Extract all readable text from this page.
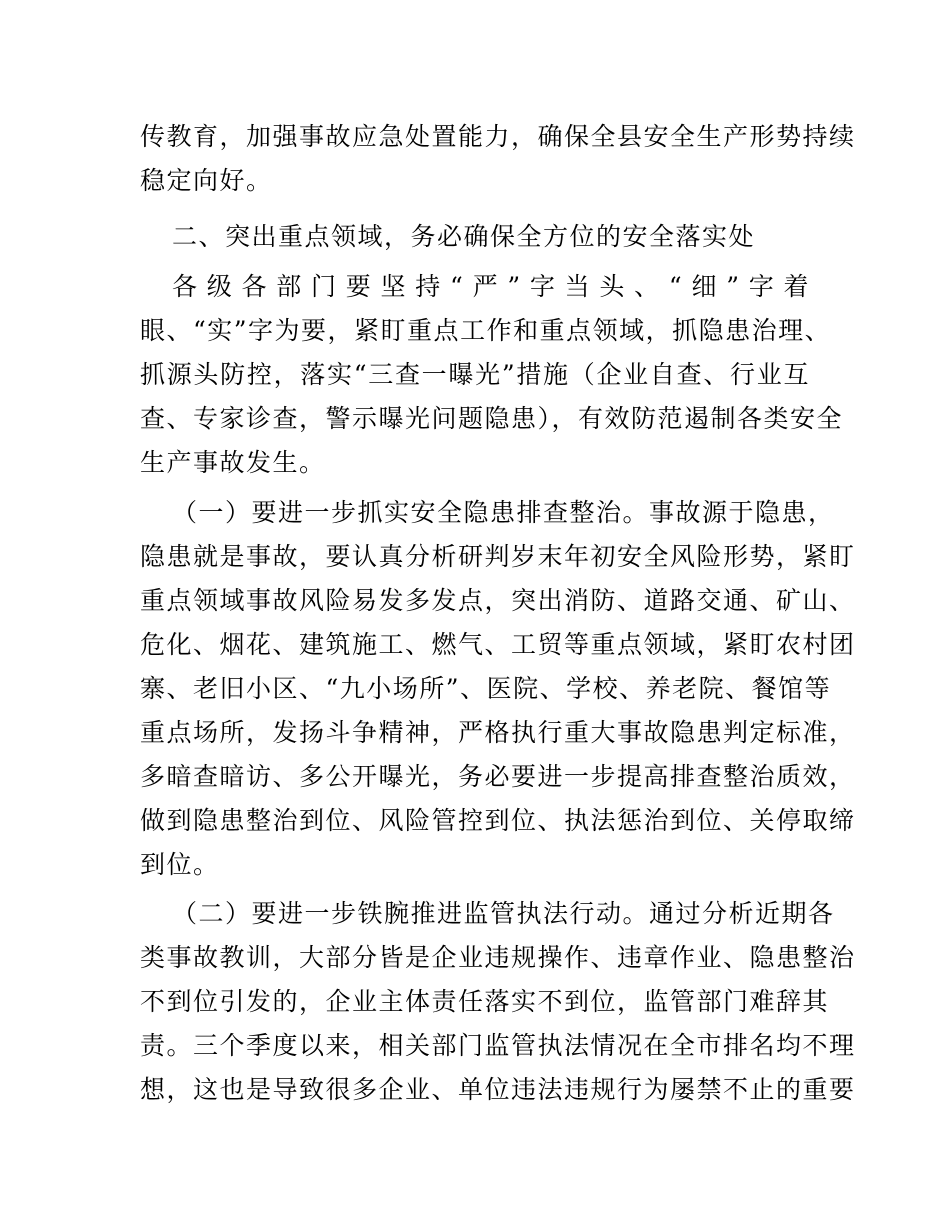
传教育，加强事故应急处置能力，确保全县安全生产形势持续
稳定向好。
二、突出重点领域，务必确保全方位的安全落实处
各级各部门要坚持“严”字当头、“细”字着
眼、“实”字为要，紧盯重点工作和重点领域，抓隐患治理、
抓源头防控，落实“三查一曝光”措施（企业自查、行业互
查、专家诊查，警示曝光问题隐患），有效防范遏制各类安全
生产事故发生。
（一）要进一步抓实安全隐患排查整治。事故源于隐患，
隐患就是事故，要认真分析研判岁末年初安全风险形势，紧盯
重点领域事故风险易发多发点，突出消防、道路交通、矿山、
危化、烟花、建筑施工、燃气、工贸等重点领域，紧盯农村团
寨、老旧小区、“九小场所”、医院、学校、养老院、餐馆等
重点场所，发扬斗争精神，严格执行重大事故隐患判定标准，
多暗查暗访、多公开曝光，务必要进一步提高排查整治质效，
做到隐患整治到位、风险管控到位、执法惩治到位、关停取缔
到位。
（二）要进一步铁腕推进监管执法行动。通过分析近期各
类事故教训，大部分皆是企业违规操作、违章作业、隐患整治
不到位引发的，企业主体责任落实不到位，监管部门难辞其
责。三个季度以来，相关部门监管执法情况在全市排名均不理
想，这也是导致很多企业、单位违法违规行为屡禁不止的重要
